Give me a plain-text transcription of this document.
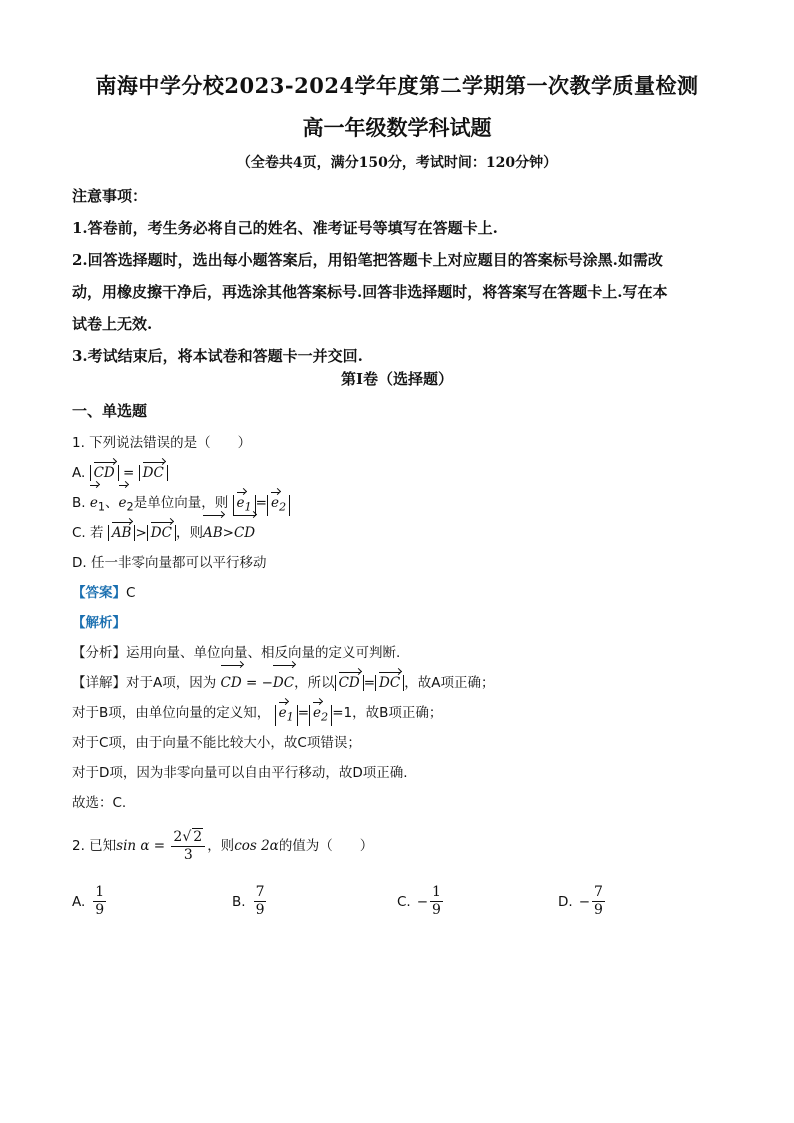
南海中学分校2023-2024学年度第二学期第一次教学质量检测
高一年级数学科试题
（全卷共4页，满分150分，考试时间：120分钟）

注意事项：

1.答卷前，考生务必将自己的姓名、准考证号等填写在答题卡上.

2.回答选择题时，选出每小题答案后，用铅笔把答题卡上对应题目的答案标号涂黑.如需改

动，用橡皮擦干净后，再选涂其他答案标号.回答非选择题时，将答案写在答题卡上.写在本

试卷上无效.

3.考试结束后，将本试卷和答题卡一并交回.

第Ⅰ卷（选择题）
一、单选题
1. 下列说法错误的是（　　）
A. CD = DC
B. $e_1$、$e_2$是单位向量，则 $e_1 = e_2$
C. 若 AB > DC ，则AB>CD
D. 任一非零向量都可以平行移动
【答案】C
【解析】
【分析】运用向量、单位向量、相反向量的定义可判断.
【详解】对于A项，因为 CD = −DC，所以 CD = DC ，故A项正确；
对于B项，由单位向量的定义知， $e_1 = e_2 =1$，故B项正确；
对于C项，由于向量不能比较大小，故C项错误；
对于D项，因为非零向量可以自由平行移动，故D项正确.
故选：C.
2. 已知$\sin \alpha = \frac{2√ 2}{3}$ ，则cos 2α的值为（　　）
A. $\frac{1}{9}$	B. $\frac{7}{9}$	C. − $\frac{1}{9}$	D. − $\frac{7}{9}$
